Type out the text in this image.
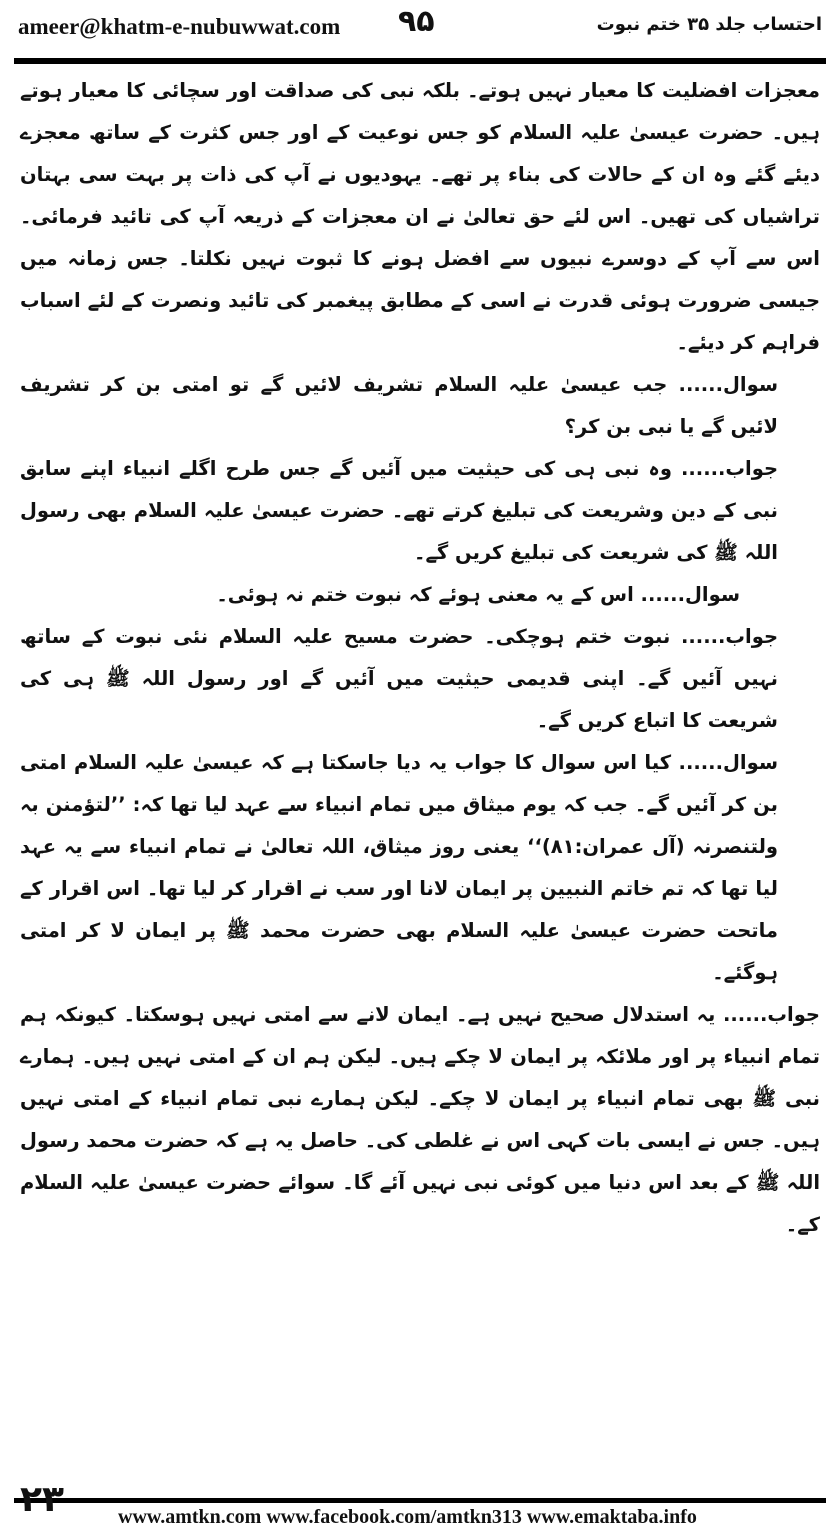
ameer@khatm-e-nubuwwat.com ۹۵	احتساب جلد ۳۵ ختم نبوت

معجزات افضلیت کا معیار نہیں ہوتے۔ بلکہ نبی کی صداقت اور سچائی کا معیار ہوتے ہیں۔ حضرت عیسیٰ علیہ السلام کو جس نوعیت کے اور جس کثرت کے ساتھ معجزے دیئے گئے وہ ان کے حالات کی بناء پر تھے۔ یہودیوں نے آپ کی ذات پر بہت سی بہتان تراشیاں کی تھیں۔ اس لئے حق تعالیٰ نے ان معجزات کے ذریعہ آپ کی تائید فرمائی۔ اس سے آپ کے دوسرے نبیوں سے افضل ہونے کا ثبوت نہیں نکلتا۔ جس زمانہ میں جیسی ضرورت ہوئی قدرت نے اسی کے مطابق پیغمبر کی تائید ونصرت کے لئے اسباب فراہم کر دیئے۔

سوال...... جب عیسیٰ علیہ السلام تشریف لائیں گے تو امتی بن کر تشریف لائیں گے یا نبی بن کر؟

جواب...... وہ نبی ہی کی حیثیت میں آئیں گے جس طرح اگلے انبیاء اپنے سابق نبی کے دین وشریعت کی تبلیغ کرتے تھے۔ حضرت عیسیٰ علیہ السلام بھی رسول اللہ ﷺ کی شریعت کی تبلیغ کریں گے۔

سوال...... اس کے یہ معنی ہوئے کہ نبوت ختم نہ ہوئی۔

جواب...... نبوت ختم ہوچکی۔ حضرت مسیح علیہ السلام نئی نبوت کے ساتھ نہیں آئیں گے۔ اپنی قدیمی حیثیت میں آئیں گے اور رسول اللہ ﷺ ہی کی شریعت کا اتباع کریں گے۔

سوال...... کیا اس سوال کا جواب یہ دیا جاسکتا ہے کہ عیسیٰ علیہ السلام امتی بن کر آئیں گے۔ جب کہ یوم میثاق میں تمام انبیاء سے عہد لیا تھا کہ: ’’لتؤمنن بہ ولتنصرنہ (آل عمران:۸۱)‘‘ یعنی روز میثاق، اللہ تعالیٰ نے تمام انبیاء سے یہ عہد لیا تھا کہ تم خاتم النبیین پر ایمان لانا اور سب نے اقرار کر لیا تھا۔ اس اقرار کے ماتحت حضرت عیسیٰ علیہ السلام بھی حضرت محمد ﷺ پر ایمان لا کر امتی ہوگئے۔

جواب...... یہ استدلال صحیح نہیں ہے۔ ایمان لانے سے امتی نہیں ہوسکتا۔ کیونکہ ہم تمام انبیاء پر اور ملائکہ پر ایمان لا چکے ہیں۔ لیکن ہم ان کے امتی نہیں ہیں۔ ہمارے نبی ﷺ بھی تمام انبیاء پر ایمان لا چکے۔ لیکن ہمارے نبی تمام انبیاء کے امتی نہیں ہیں۔ جس نے ایسی بات کہی اس نے غلطی کی۔ حاصل یہ ہے کہ حضرت محمد رسول اللہ ﷺ کے بعد اس دنیا میں کوئی نبی نہیں آئے گا۔ سوائے حضرت عیسیٰ علیہ السلام کے۔

۲۳	www.amtkn.com www.facebook.com/amtkn313 www.emaktaba.info
